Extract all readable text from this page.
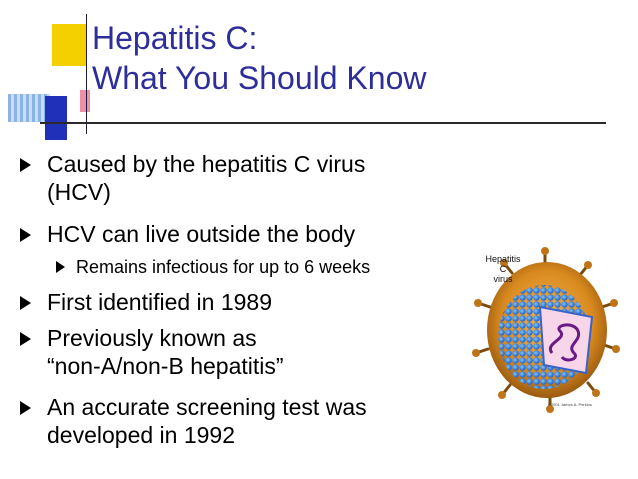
Hepatitis C:
What You Should Know
Caused by the hepatitis C virus
(HCV)
HCV can live outside the body
Remains infectious for up to 6 weeks
First identified in 1989
Previously known as
“non-A/non-B hepatitis”
An accurate screening test was
developed in 1992
Hepatitis C
virus
©2001 James A. Perkins
